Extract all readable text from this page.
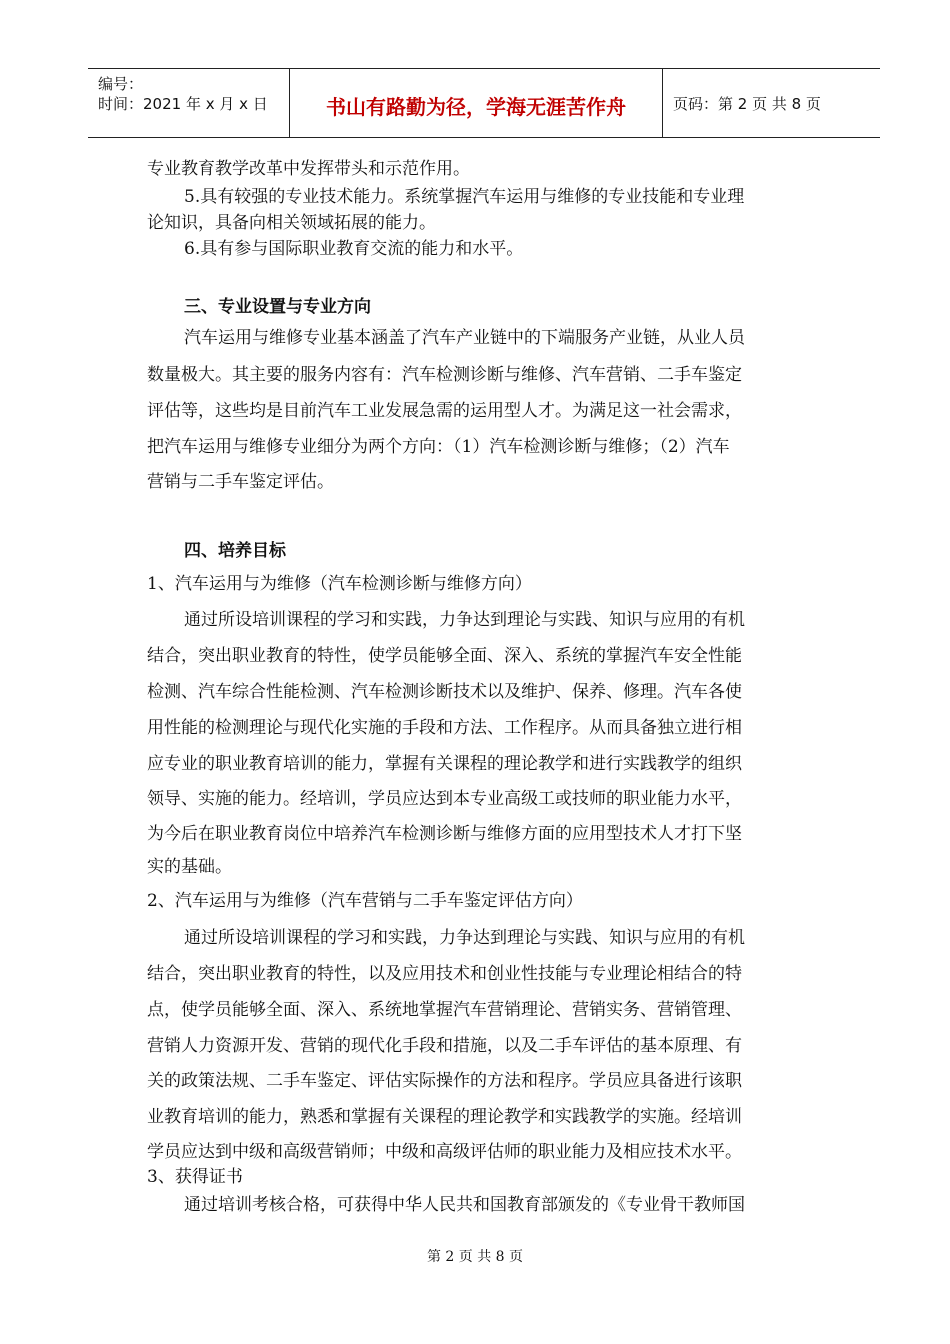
编号：
时间：2021 年 x 月 x 日	书山有路勤为径，学海无涯苦作舟	页码：第 2 页 共 8 页
专业教育教学改革中发挥带头和示范作用。
5.具有较强的专业技术能力。系统掌握汽车运用与维修的专业技能和专业理
论知识，具备向相关领域拓展的能力。
6.具有参与国际职业教育交流的能力和水平。
三、专业设置与专业方向
汽车运用与维修专业基本涵盖了汽车产业链中的下端服务产业链，从业人员
数量极大。其主要的服务内容有：汽车检测诊断与维修、汽车营销、二手车鉴定
评估等，这些均是目前汽车工业发展急需的运用型人才。为满足这一社会需求，
把汽车运用与维修专业细分为两个方向：（1）汽车检测诊断与维修；（2）汽车
营销与二手车鉴定评估。
四、培养目标
1、汽车运用与为维修（汽车检测诊断与维修方向）
通过所设培训课程的学习和实践，力争达到理论与实践、知识与应用的有机
结合，突出职业教育的特性，使学员能够全面、深入、系统的掌握汽车安全性能
检测、汽车综合性能检测、汽车检测诊断技术以及维护、保养、修理。汽车各使
用性能的检测理论与现代化实施的手段和方法、工作程序。从而具备独立进行相
应专业的职业教育培训的能力，掌握有关课程的理论教学和进行实践教学的组织
领导、实施的能力。经培训，学员应达到本专业高级工或技师的职业能力水平，
为今后在职业教育岗位中培养汽车检测诊断与维修方面的应用型技术人才打下坚
实的基础。
2、汽车运用与为维修（汽车营销与二手车鉴定评估方向）
通过所设培训课程的学习和实践，力争达到理论与实践、知识与应用的有机
结合，突出职业教育的特性，以及应用技术和创业性技能与专业理论相结合的特
点，使学员能够全面、深入、系统地掌握汽车营销理论、营销实务、营销管理、
营销人力资源开发、营销的现代化手段和措施，以及二手车评估的基本原理、有
关的政策法规、二手车鉴定、评估实际操作的方法和程序。学员应具备进行该职
业教育培训的能力，熟悉和掌握有关课程的理论教学和实践教学的实施。经培训
学员应达到中级和高级营销师；中级和高级评估师的职业能力及相应技术水平。
3、获得证书
通过培训考核合格，可获得中华人民共和国教育部颁发的《专业骨干教师国
第 2 页 共 8 页
